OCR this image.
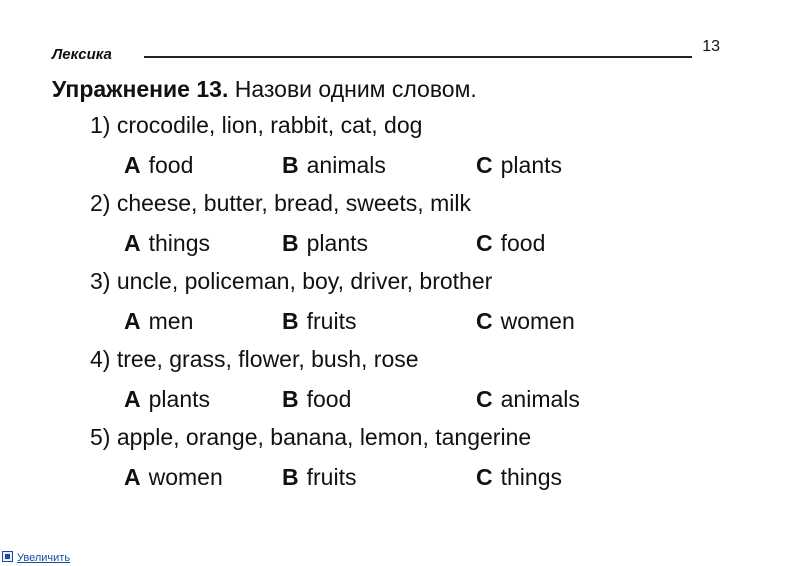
Лексика	13
Упражнение 13. Назови одним словом.
1) crocodile, lion, rabbit, cat, dog
A food	B animals	C plants
2) cheese, butter, bread, sweets, milk
A things	B plants	C food
3) uncle, policeman, boy, driver, brother
A men	B fruits	C women
4) tree, grass, flower, bush, rose
A plants	B food	C animals
5) apple, orange, banana, lemon, tangerine
A women	B fruits	C things
Увеличить
